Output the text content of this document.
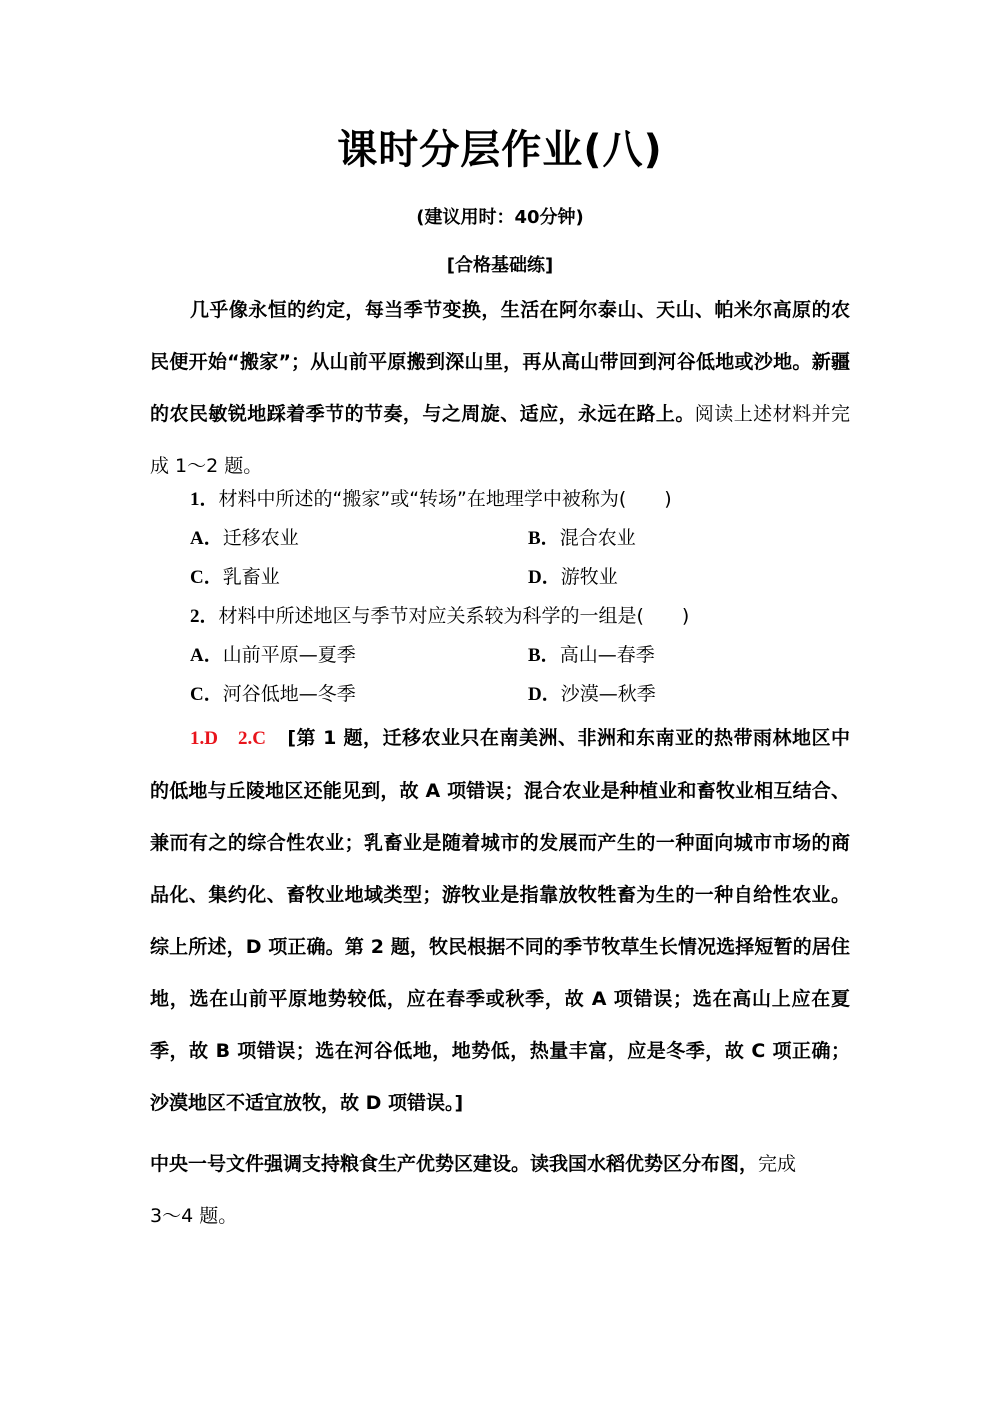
课时分层作业(八)
(建议用时：40分钟)
[合格基础练]
几乎像永恒的约定，每当季节变换，生活在阿尔泰山、天山、帕米尔高原的农民便开始“搬家”；从山前平原搬到深山里，再从高山带回到河谷低地或沙地。新疆的农民敏锐地踩着季节的节奏，与之周旋、适应，永远在路上。阅读上述材料并完成 1～2 题。
1．材料中所述的“搬家”或“转场”在地理学中被称为(　　)
A．迁移农业	B．混合农业
C．乳畜业	D．游牧业
2．材料中所述地区与季节对应关系较为科学的一组是(　　)
A．山前平原—夏季	B．高山—春季
C．河谷低地—冬季	D．沙漠—秋季
1.D　2.C [第 1 题，迁移农业只在南美洲、非洲和东南亚的热带雨林地区中的低地与丘陵地区还能见到，故 A 项错误；混合农业是种植业和畜牧业相互结合、兼而有之的综合性农业；乳畜业是随着城市的发展而产生的一种面向城市市场的商品化、集约化、畜牧业地域类型；游牧业是指靠放牧牲畜为生的一种自给性农业。综上所述，D 项正确。第 2 题，牧民根据不同的季节牧草生长情况选择短暂的居住地，选在山前平原地势较低，应在春季或秋季，故 A 项错误；选在高山上应在夏季，故 B 项错误；选在河谷低地，地势低，热量丰富，应是冬季，故 C 项正确；沙漠地区不适宜放牧，故 D 项错误。]
中央一号文件强调支持粮食生产优势区建设。读我国水稻优势区分布图，完成
3～4 题。
